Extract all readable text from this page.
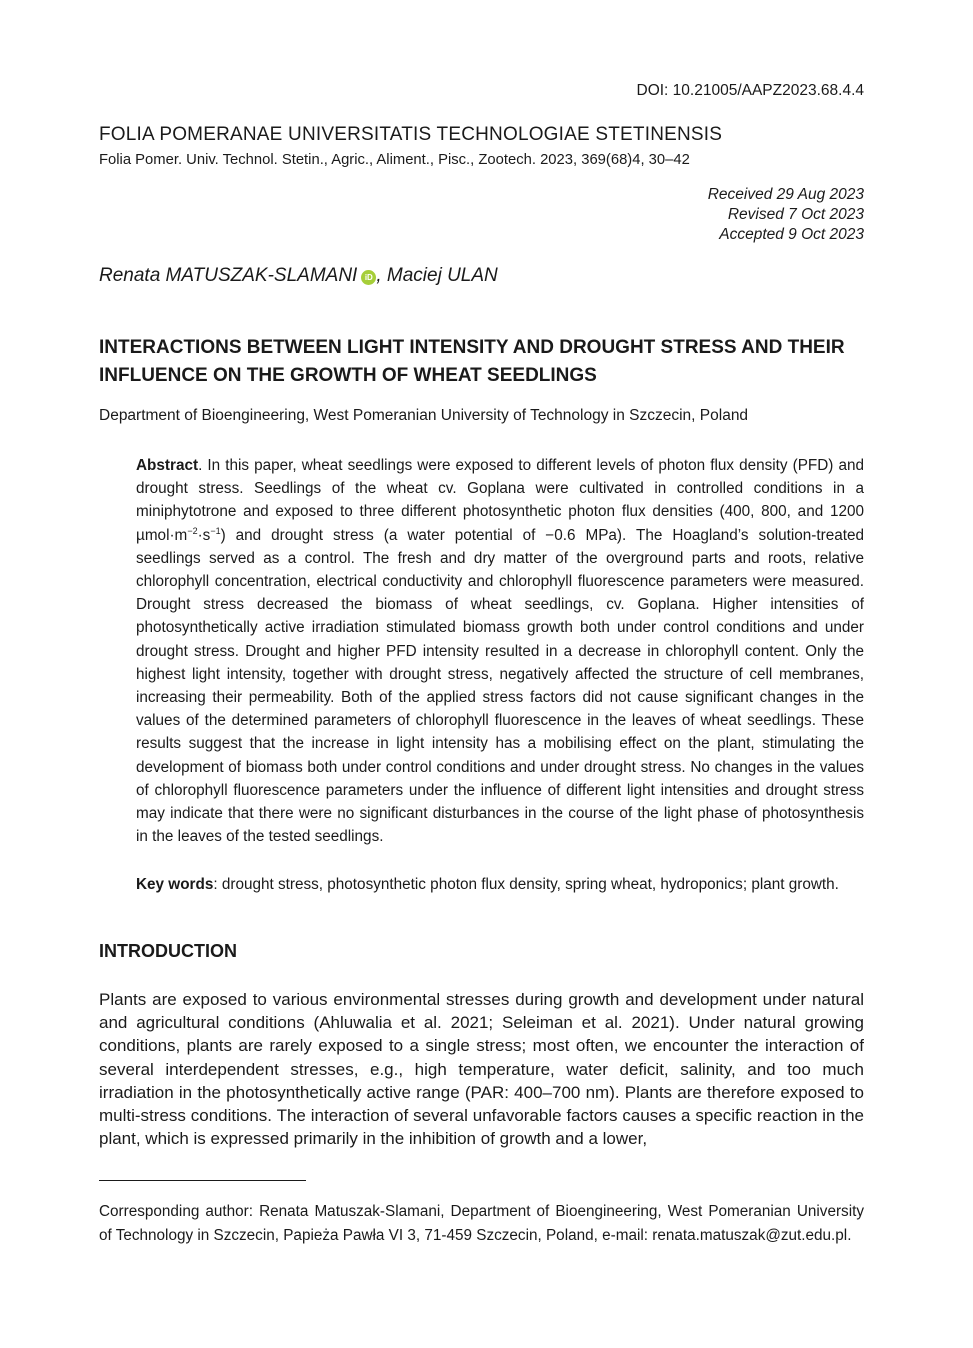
DOI: 10.21005/AAPZ2023.68.4.4
FOLIA POMERANAE UNIVERSITATIS TECHNOLOGIAE STETINENSIS
Folia Pomer. Univ. Technol. Stetin., Agric., Aliment., Pisc., Zootech. 2023, 369(68)4, 30–42
Received 29 Aug 2023
Revised 7 Oct 2023
Accepted 9 Oct 2023
Renata MATUSZAK-SLAMANI iD , Maciej ULAN
INTERACTIONS BETWEEN LIGHT INTENSITY AND DROUGHT STRESS AND THEIR INFLUENCE ON THE GROWTH OF WHEAT SEEDLINGS
Department of Bioengineering, West Pomeranian University of Technology in Szczecin, Poland
Abstract. In this paper, wheat seedlings were exposed to different levels of photon flux density (PFD) and drought stress. Seedlings of the wheat cv. Goplana were cultivated in controlled conditions in a miniphytotrone and exposed to three different photosynthetic photon flux densities (400, 800, and 1200 $\mu mol\cdot m^{-2}\cdot s^{-1}$) and drought stress (a water potential of −0.6 MPa). The Hoagland’s solution-treated seedlings served as a control. The fresh and dry matter of the overground parts and roots, relative chlorophyll concentration, electrical conductivity and chlorophyll fluorescence parameters were measured. Drought stress decreased the biomass of wheat seedlings, cv. Goplana. Higher intensities of photosynthetically active irradiation stimulated biomass growth both under control conditions and under drought stress. Drought and higher PFD intensity resulted in a decrease in chlorophyll content. Only the highest light intensity, together with drought stress, negatively affected the structure of cell membranes, increasing their permeability. Both of the applied stress factors did not cause significant changes in the values of the determined parameters of chlorophyll fluorescence in the leaves of wheat seedlings. These results suggest that the increase in light intensity has a mobilising effect on the plant, stimulating the development of biomass both under control conditions and under drought stress. No changes in the values of chlorophyll fluorescence parameters under the influence of different light intensities and drought stress may indicate that there were no significant disturbances in the course of the light phase of photosynthesis in the leaves of the tested seedlings.
Key words: drought stress, photosynthetic photon flux density, spring wheat, hydroponics; plant growth.
INTRODUCTION
Plants are exposed to various environmental stresses during growth and development under natural and agricultural conditions (Ahluwalia et al. 2021; Seleiman et al. 2021). Under natural growing conditions, plants are rarely exposed to a single stress; most often, we encounter the interaction of several interdependent stresses, e.g., high temperature, water deficit, salinity, and too much irradiation in the photosynthetically active range (PAR: 400–700 nm). Plants are therefore exposed to multi-stress conditions. The interaction of several unfavorable factors causes a specific reaction in the plant, which is expressed primarily in the inhibition of growth and a lower,
Corresponding author: Renata Matuszak-Slamani, Department of Bioengineering, West Pomeranian University of Technology in Szczecin, Papieża Pawła VI 3, 71-459 Szczecin, Poland, e-mail: renata.matuszak@zut.edu.pl.
